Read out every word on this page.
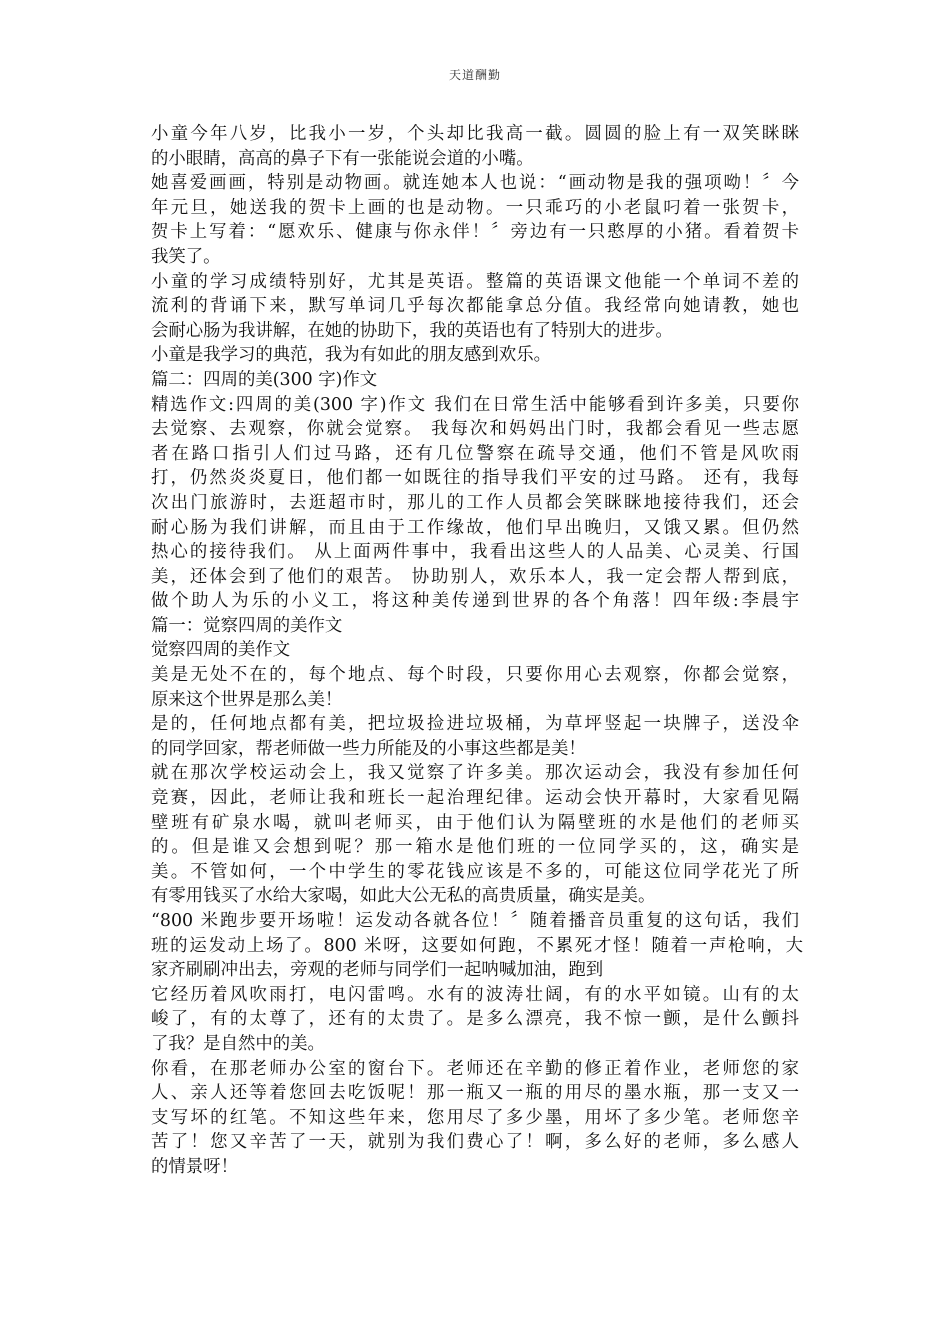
天道酬勤
小童今年八岁，比我小一岁，个头却比我高一截。圆圆的脸上有一双笑眯眯
的小眼睛，高高的鼻子下有一张能说会道的小嘴。
她喜爱画画，特别是动物画。就连她本人也说：“画动物是我的强项呦！〞今
年元旦，她送我的贺卡上画的也是动物。一只乖巧的小老鼠叼着一张贺卡，
贺卡上写着：“愿欢乐、健康与你永伴！〞旁边有一只憨厚的小猪。看着贺卡
我笑了。
小童的学习成绩特别好，尤其是英语。整篇的英语课文他能一个单词不差的
流利的背诵下来，默写单词几乎每次都能拿总分值。我经常向她请教，她也
会耐心肠为我讲解，在她的协助下，我的英语也有了特别大的进步。
小童是我学习的典范，我为有如此的朋友感到欢乐。
篇二：四周的美(300 字)作文
精选作文:四周的美(300 字)作文 我们在日常生活中能够看到许多美，只要你
去觉察、去观察，你就会觉察。 我每次和妈妈出门时，我都会看见一些志愿
者在路口指引人们过马路，还有几位警察在疏导交通，他们不管是风吹雨
打，仍然炎炎夏日，他们都一如既往的指导我们平安的过马路。 还有，我每
次出门旅游时，去逛超市时，那儿的工作人员都会笑眯眯地接待我们，还会
耐心肠为我们讲解，而且由于工作缘故，他们早出晚归，又饿又累。但仍然
热心的接待我们。 从上面两件事中，我看出这些人的人品美、心灵美、行国
美，还体会到了他们的艰苦。 协助别人，欢乐本人，我一定会帮人帮到底，
做个助人为乐的小义工，将这种美传递到世界的各个角落！四年级:李晨宇
篇一：觉察四周的美作文
觉察四周的美作文
美是无处不在的，每个地点、每个时段，只要你用心去观察，你都会觉察，
原来这个世界是那么美！
是的，任何地点都有美，把垃圾捡进垃圾桶，为草坪竖起一块牌子，送没伞
的同学回家，帮老师做一些力所能及的小事这些都是美！
就在那次学校运动会上，我又觉察了许多美。那次运动会，我没有参加任何
竞赛，因此，老师让我和班长一起治理纪律。运动会快开幕时，大家看见隔
壁班有矿泉水喝，就叫老师买，由于他们认为隔壁班的水是他们的老师买
的。但是谁又会想到呢？那一箱水是他们班的一位同学买的，这，确实是
美。不管如何，一个中学生的零花钱应该是不多的，可能这位同学花光了所
有零用钱买了水给大家喝，如此大公无私的高贵质量，确实是美。
“800 米跑步要开场啦！运发动各就各位！〞随着播音员重复的这句话，我们
班的运发动上场了。800 米呀，这要如何跑，不累死才怪！随着一声枪响，大
家齐刷刷冲出去，旁观的老师与同学们一起呐喊加油，跑到
它经历着风吹雨打，电闪雷鸣。水有的波涛壮阔，有的水平如镜。山有的太
峻了，有的太尊了，还有的太贵了。是多么漂亮，我不惊一颤，是什么颤抖
了我？是自然中的美。
你看，在那老师办公室的窗台下。老师还在辛勤的修正着作业，老师您的家
人、亲人还等着您回去吃饭呢！那一瓶又一瓶的用尽的墨水瓶，那一支又一
支写坏的红笔。不知这些年来，您用尽了多少墨，用坏了多少笔。老师您辛
苦了！您又辛苦了一天，就别为我们费心了！啊，多么好的老师，多么感人
的情景呀！
